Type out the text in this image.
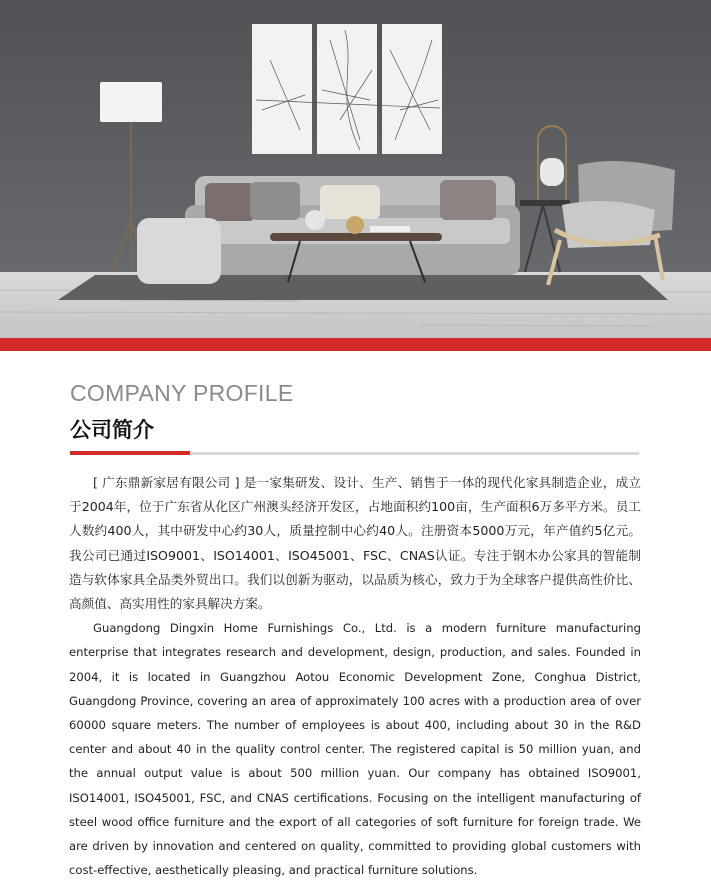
COMPANY PROFILE
公司简介

[ 广东鼎新家居有限公司 ] 是一家集研发、设计、生产、销售于一体的现代化家具制造企业，成立于2004年，位于广东省从化区广州澳头经济开发区，占地面积约100亩，生产面积6万多平方米。员工人数约400人，其中研发中心约30人，质量控制中心约40人。注册资本5000万元，年产值约5亿元。我公司已通过ISO9001、ISO14001、ISO45001、FSC、CNAS认证。专注于钢木办公家具的智能制造与软体家具全品类外贸出口。我们以创新为驱动，以品质为核心，致力于为全球客户提供高性价比、高颜值、高实用性的家具解决方案。

Guangdong Dingxin Home Furnishings Co., Ltd. is a modern furniture manufacturing enterprise that integrates research and development, design, production, and sales. Founded in 2004, it is located in Guangzhou Aotou Economic Development Zone, Conghua District, Guangdong Province, covering an area of approximately 100 acres with a production area of over 60000 square meters. The number of employees is about 400, including about 30 in the R&D center and about 40 in the quality control center. The registered capital is 50 million yuan, and the annual output value is about 500 million yuan. Our company has obtained ISO9001, ISO14001, ISO45001, FSC, and CNAS certifications. Focusing on the intelligent manufacturing of steel wood office furniture and the export of all categories of soft furniture for foreign trade. We are driven by innovation and centered on quality, committed to providing global customers with cost-effective, aesthetically pleasing, and practical furniture solutions.
